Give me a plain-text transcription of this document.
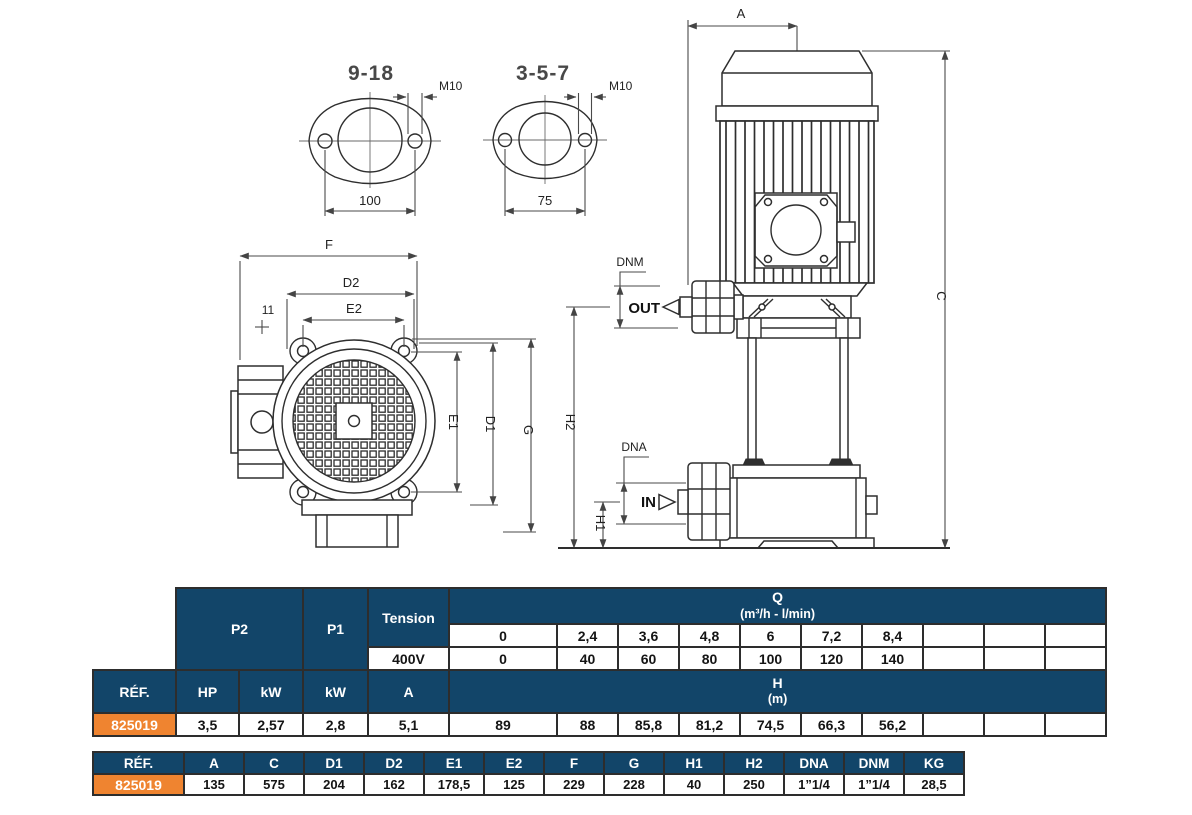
9-18
M10
100
3-5-7
M10
75
F
D2
E2
11
E1 D1 G
A
C
OUT
DNM
IN
DNA
H2
H1
	P2		P1	Tension	Q
(m³/h - l/min)									

					0	2,4	3,6	4,8	6	7,2	8,4			
				400V	0	40	60	80	100	120	140			
RÉF.	HP	kW	kW	A	H
(m)									

825019	3,5	2,57	2,8	5,1	89	88	85,8	81,2	74,5	66,3	56,2			
RÉF.	A	C	D1	D2	E1	E2	F	G	H1	H2	DNA	DNM	KG
825019	135	575	204	162	178,5	125	229	228	40	250	1”1/4	1”1/4	28,5
